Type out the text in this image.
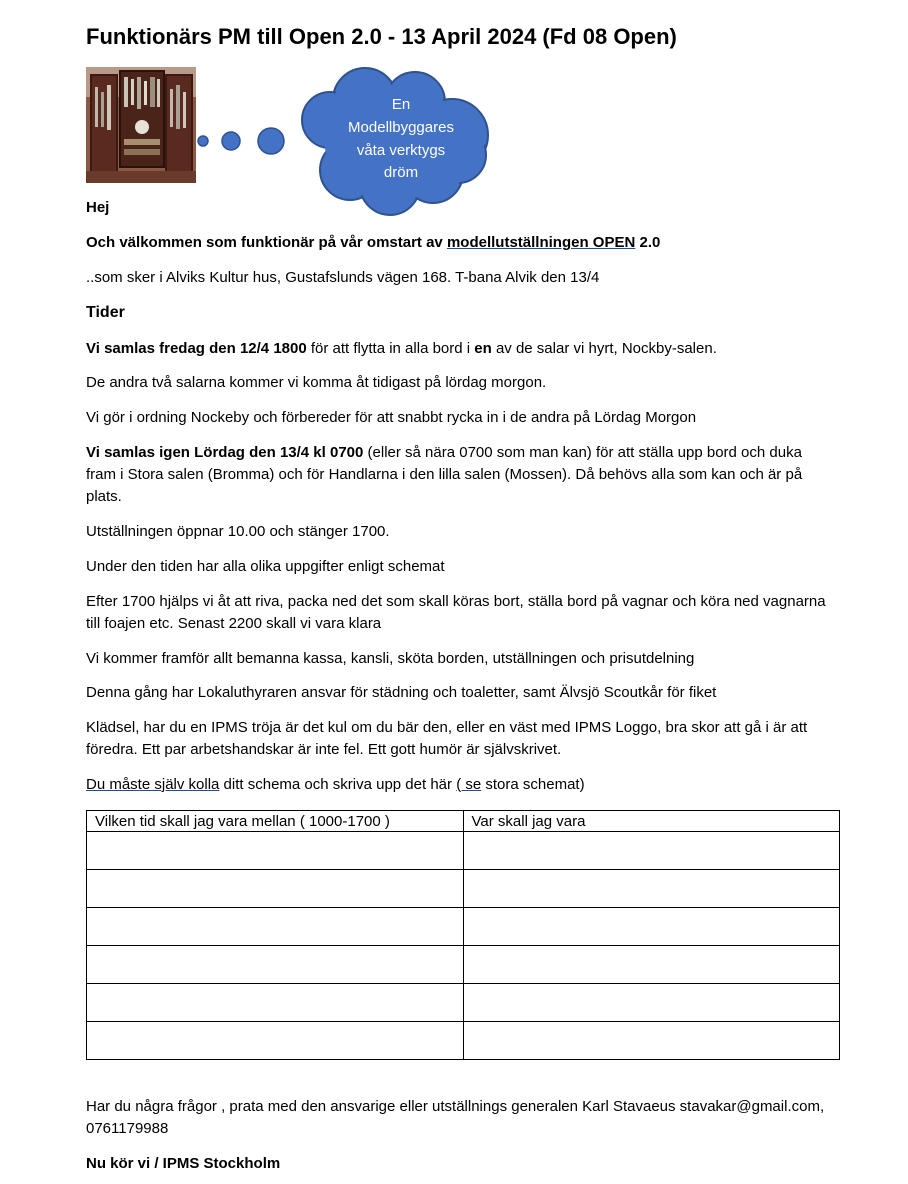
Funktionärs PM till Open 2.0 - 13 April 2024 (Fd 08 Open)
En
Modellbyggares
våta verktygs
dröm
Hej
Och välkommen som funktionär på vår omstart av modellutställningen OPEN 2.0
..som sker i Alviks Kultur hus, Gustafslunds vägen 168. T-bana Alvik den 13/4
Tider
Vi samlas fredag den 12/4 1800 för att flytta in alla bord i en av de salar vi hyrt, Nockby-salen.
De andra två salarna kommer vi komma åt tidigast på lördag morgon.
Vi gör i ordning Nockeby och förbereder för att snabbt rycka in i de andra på Lördag Morgon
Vi samlas igen Lördag den 13/4 kl 0700 (eller så nära 0700 som man kan) för att ställa upp bord och duka fram i Stora salen (Bromma) och för Handlarna i den lilla salen (Mossen). Då behövs alla som kan och är på plats.
Utställningen öppnar 10.00 och stänger 1700.
Under den tiden har alla olika uppgifter enligt schemat
Efter 1700 hjälps vi åt att riva, packa ned det som skall köras bort, ställa bord på vagnar och köra ned vagnarna till foajen etc. Senast 2200 skall vi vara klara
Vi kommer framför allt bemanna kassa, kansli, sköta borden, utställningen och prisutdelning
Denna gång har Lokaluthyraren ansvar för städning och toaletter, samt Älvsjö Scoutkår för fiket
Klädsel, har du en IPMS tröja är det kul om du bär den, eller en väst med IPMS Loggo, bra skor att gå i är att föredra. Ett par arbetshandskar är inte fel. Ett gott humör är självskrivet.
Du måste själv kolla ditt schema och skriva upp det här ( se stora schemat)
Vilken tid skall jag vara mellan ( 1000-1700 )	Var skall jag vara

Har du några frågor , prata med den ansvarige eller utställnings generalen Karl Stavaeus stavakar@gmail.com, 0761179988
Nu kör vi / IPMS Stockholm
